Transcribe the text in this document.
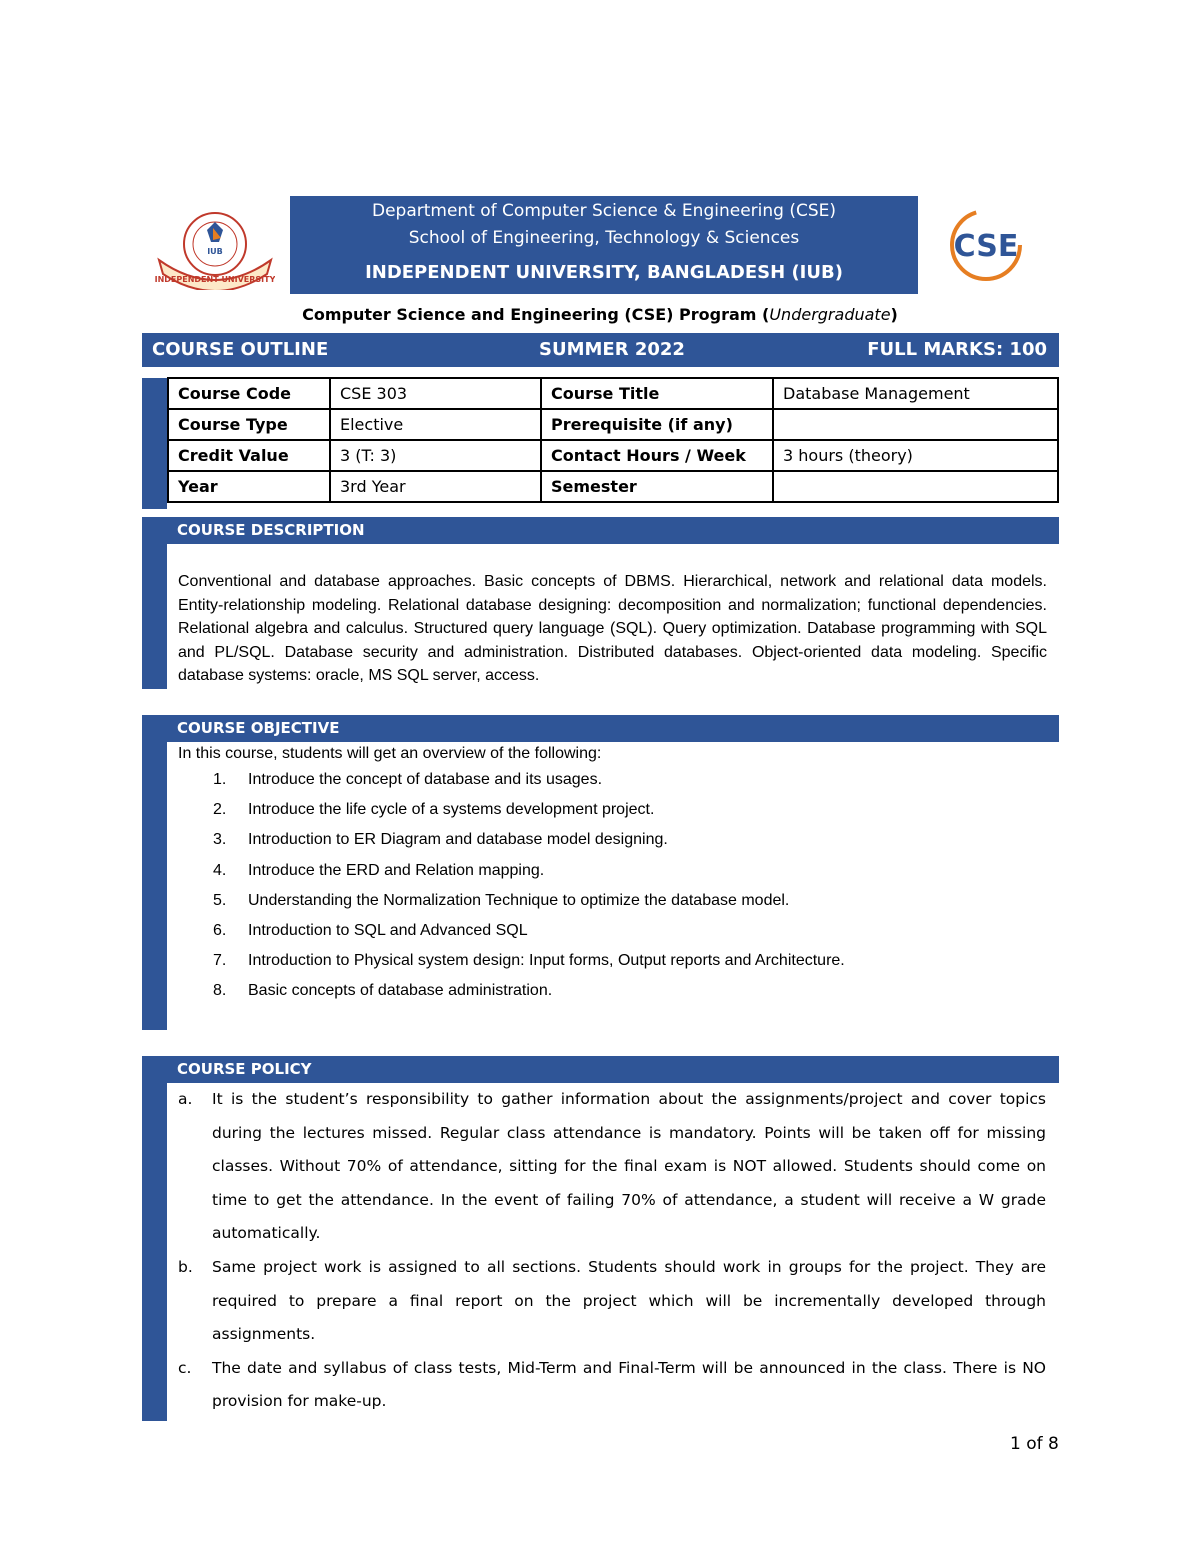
IUB
INDEPENDENT UNIVERSITY
Department of Computer Science & Engineering (CSE)
School of Engineering, Technology & Sciences
INDEPENDENT UNIVERSITY, BANGLADESH (IUB)
CSE
Computer Science and Engineering (CSE) Program (Undergraduate)
COURSE OUTLINE	SUMMER 2022	FULL MARKS: 100
Course Code	CSE 303	Course Title	Database Management
Course Type	Elective	Prerequisite (if any)	
Credit Value	3 (T: 3)	Contact Hours / Week	3 hours (theory)
Year	3rd Year	Semester	
COURSE DESCRIPTION
Conventional and database approaches. Basic concepts of DBMS. Hierarchical, network and relational data models. Entity-relationship modeling. Relational database designing: decomposition and normalization; functional dependencies. Relational algebra and calculus. Structured query language (SQL). Query optimization. Database programming with SQL and PL/SQL. Database security and administration. Distributed databases. Object-oriented data modeling. Specific database systems: oracle, MS SQL server, access.
COURSE OBJECTIVE
In this course, students will get an overview of the following:
1. Introduce the concept of database and its usages.
2. Introduce the life cycle of a systems development project.
3. Introduction to ER Diagram and database model designing.
4. Introduce the ERD and Relation mapping.
5. Understanding the Normalization Technique to optimize the database model.
6. Introduction to SQL and Advanced SQL
7. Introduction to Physical system design: Input forms, Output reports and Architecture.
8. Basic concepts of database administration.
COURSE POLICY
a. It is the student’s responsibility to gather information about the assignments/project and cover topics during the lectures missed. Regular class attendance is mandatory. Points will be taken off for missing classes. Without 70% of attendance, sitting for the final exam is NOT allowed. Students should come on time to get the attendance. In the event of failing 70% of attendance, a student will receive a W grade automatically.
b. Same project work is assigned to all sections. Students should work in groups for the project. They are required to prepare a final report on the project which will be incrementally developed through assignments.
c. The date and syllabus of class tests, Mid-Term and Final-Term will be announced in the class. There is NO provision for make-up.
1 of 8
